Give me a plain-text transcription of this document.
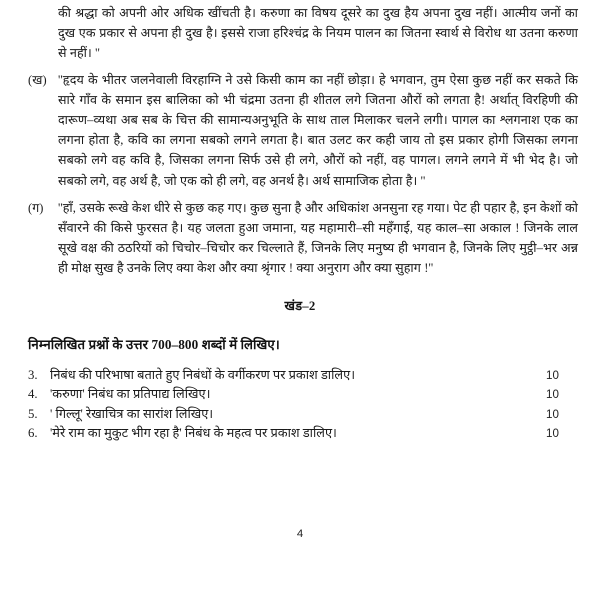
की श्रद्धा को अपनी ओर अधिक खींचती है। करुणा का विषय दूसरे का दुख हैय अपना दुख नहीं। आत्मीय जनों का दुख एक प्रकार से अपना ही दुख है। इससे राजा हरिश्चंद्र के नियम पालन का जितना स्वार्थ से विरोध था उतना करुणा से नहीं। ''
(ख) ''हृदय के भीतर जलनेवाली विरहाग्नि ने उसे किसी काम का नहीं छोड़ा। हे भगवान, तुम ऐसा कुछ नहीं कर सकते कि सारे गाँव के समान इस बालिका को भी चंद्रमा उतना ही शीतल लगे जितना औरों को लगता है! अर्थात् विरहिणी की दारूण–व्यथा अब सब के चित्त की सामान्यअनुभूति के साथ ताल मिलाकर चलने लगी। पागल का श्लगनाश एक का लगना होता है, कवि का लगना सबको लगने लगता है। बात उलट कर कही जाय तो इस प्रकार होगी जिसका लगना सबको लगे वह कवि है, जिसका लगना सिर्फ उसे ही लगे, औरों को नहीं, वह पागल। लगने लगने में भी भेद है। जो सबको लगे, वह अर्थ है, जो एक को ही लगे, वह अनर्थ है। अर्थ सामाजिक होता है। ''
(ग)	''हाँ, उसके रूखे केश धीरे से कुछ कह गए। कुछ सुना है और अधिकांश अनसुना रह गया। पेट ही पहार है, इन केशों को सँवारने की किसे फुरसत है। यह जलता हुआ जमाना, यह महामारी–सी महँगाई, यह काल–सा अकाल ! जिनके लाल सूखे वक्ष की ठठरियों को चिचोर–चिचोर कर चिल्लाते हैं, जिनके लिए मनुष्य ही भगवान है, जिनके लिए मुट्ठी–भर अन्न ही मोक्ष सुख है उनके लिए क्या केश और क्या श्रृंगार ! क्या अनुराग और क्या सुहाग !''
खंड–2
निम्नलिखित प्रश्नों के उत्तर 700–800 शब्दों में लिखिए।
3. निबंध की परिभाषा बताते हुए निबंधों के वर्गीकरण पर प्रकाश डालिए।	10
4. 'करुणा' निबंध का प्रतिपाद्य लिखिए।	10
5. ' गिल्लू' रेखाचित्र का सारांश लिखिए।	10
6. 'मेरे राम का मुकुट भीग रहा है' निबंध के महत्व पर प्रकाश डालिए।	10
4
